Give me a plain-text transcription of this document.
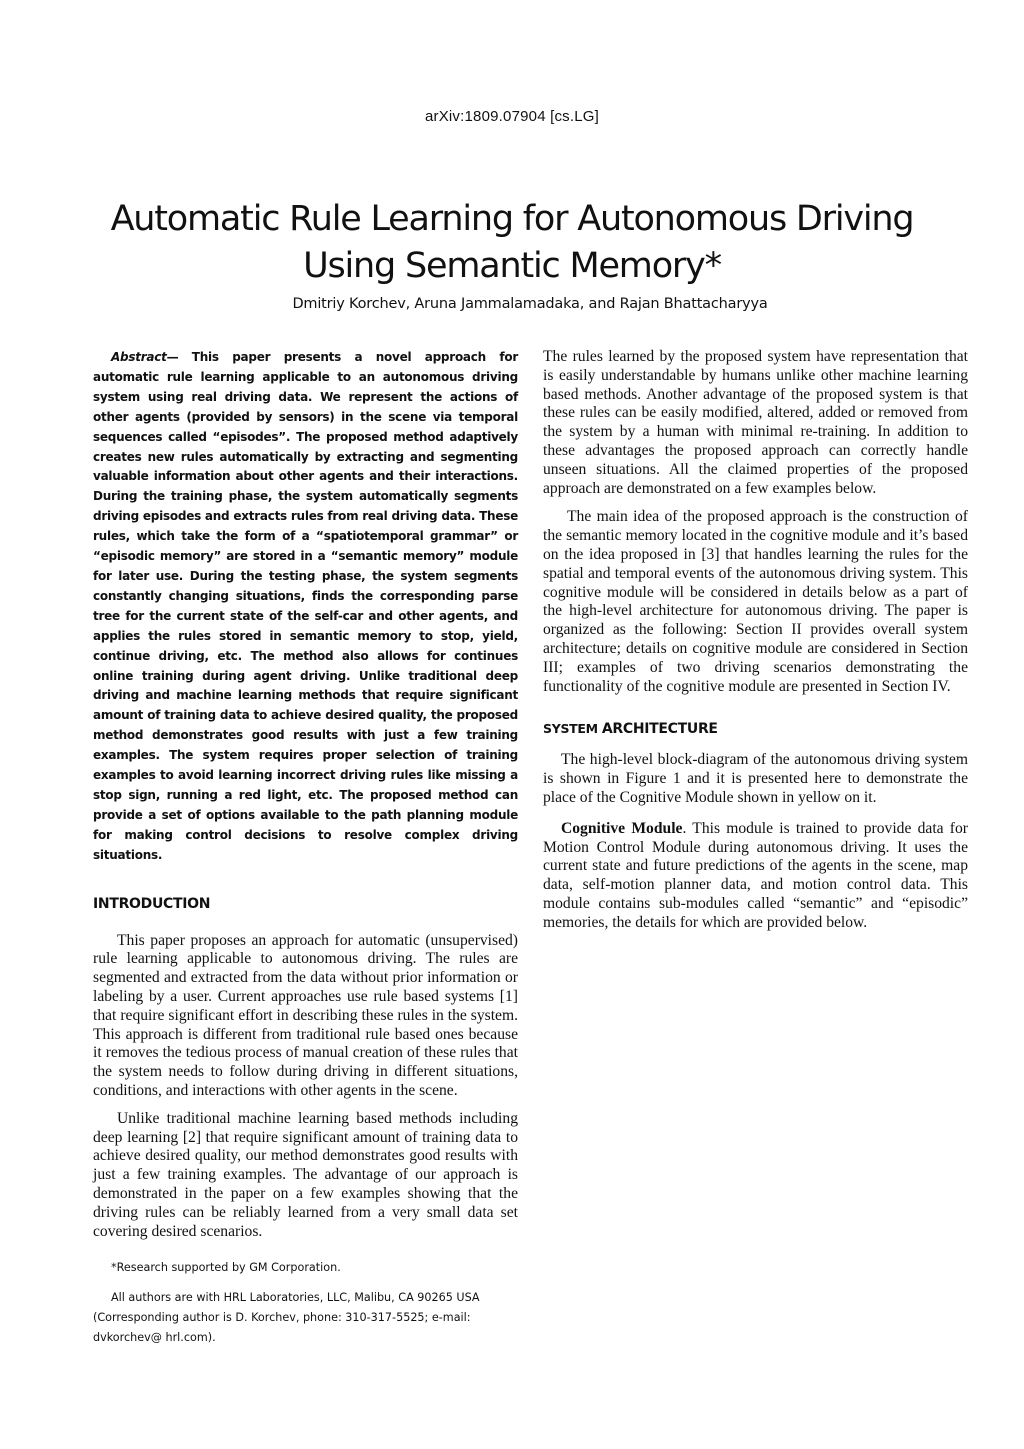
arXiv:1809.07904 [cs.LG]
Automatic Rule Learning for Autonomous Driving Using Semantic Memory*
Dmitriy Korchev, Aruna Jammalamadaka, and Rajan Bhattacharyya

Abstract— This paper presents a novel approach for automatic rule learning applicable to an autonomous driving system using real driving data. We represent the actions of other agents (provided by sensors) in the scene via temporal sequences called “episodes”. The proposed method adaptively creates new rules automatically by extracting and segmenting valuable information about other agents and their interactions. During the training phase, the system automatically segments driving episodes and extracts rules from real driving data. These rules, which take the form of a “spatiotemporal grammar” or “episodic memory” are stored in a “semantic memory” module for later use. During the testing phase, the system segments constantly changing situations, finds the corresponding parse tree for the current state of the self-car and other agents, and applies the rules stored in semantic memory to stop, yield, continue driving, etc. The method also allows for continues online training during agent driving. Unlike traditional deep driving and machine learning methods that require significant amount of training data to achieve desired quality, the proposed method demonstrates good results with just a few training examples. The system requires proper selection of training examples to avoid learning incorrect driving rules like missing a stop sign, running a red light, etc. The proposed method can provide a set of options available to the path planning module for making control decisions to resolve complex driving situations.

INTRODUCTION

This paper proposes an approach for automatic (unsupervised) rule learning applicable to autonomous driving. The rules are segmented and extracted from the data without prior information or labeling by a user. Current approaches use rule based systems [1] that require significant effort in describing these rules in the system. This approach is different from traditional rule based ones because it removes the tedious process of manual creation of these rules that the system needs to follow during driving in different situations, conditions, and interactions with other agents in the scene.

Unlike traditional machine learning based methods including deep learning [2] that require significant amount of training data to achieve desired quality, our method demonstrates good results with just a few training examples. The advantage of our approach is demonstrated in the paper on a few examples showing that the driving rules can be reliably learned from a very small data set covering desired scenarios.

The rules learned by the proposed system have representation that is easily understandable by humans unlike other machine learning based methods. Another advantage of the proposed system is that these rules can be easily modified, altered, added or removed from the system by a human with minimal re-training. In addition to these advantages the proposed approach can correctly handle unseen situations. All the claimed properties of the proposed approach are demonstrated on a few examples below.

The main idea of the proposed approach is the construction of the semantic memory located in the cognitive module and it’s based on the idea proposed in [3] that handles learning the rules for the spatial and temporal events of the autonomous driving system. This cognitive module will be considered in details below as a part of the high-level architecture for autonomous driving. The paper is organized as the following: Section II provides overall system architecture; details on cognitive module are considered in Section III; examples of two driving scenarios demonstrating the functionality of the cognitive module are presented in Section IV.

SYSTEM ARCHITECTURE

The high-level block-diagram of the autonomous driving system is shown in Figure 1 and it is presented here to demonstrate the place of the Cognitive Module shown in yellow on it.

Cognitive Module. This module is trained to provide data for Motion Control Module during autonomous driving. It uses the current state and future predictions of the agents in the scene, map data, self-motion planner data, and motion control data. This module contains sub-modules called “semantic” and “episodic” memories, the details for which are provided below.

*Research supported by GM Corporation.

All authors are with HRL Laboratories, LLC, Malibu, CA 90265 USA (Corresponding author is D. Korchev, phone: 310-317-5525; e-mail: dvkorchev@ hrl.com).
